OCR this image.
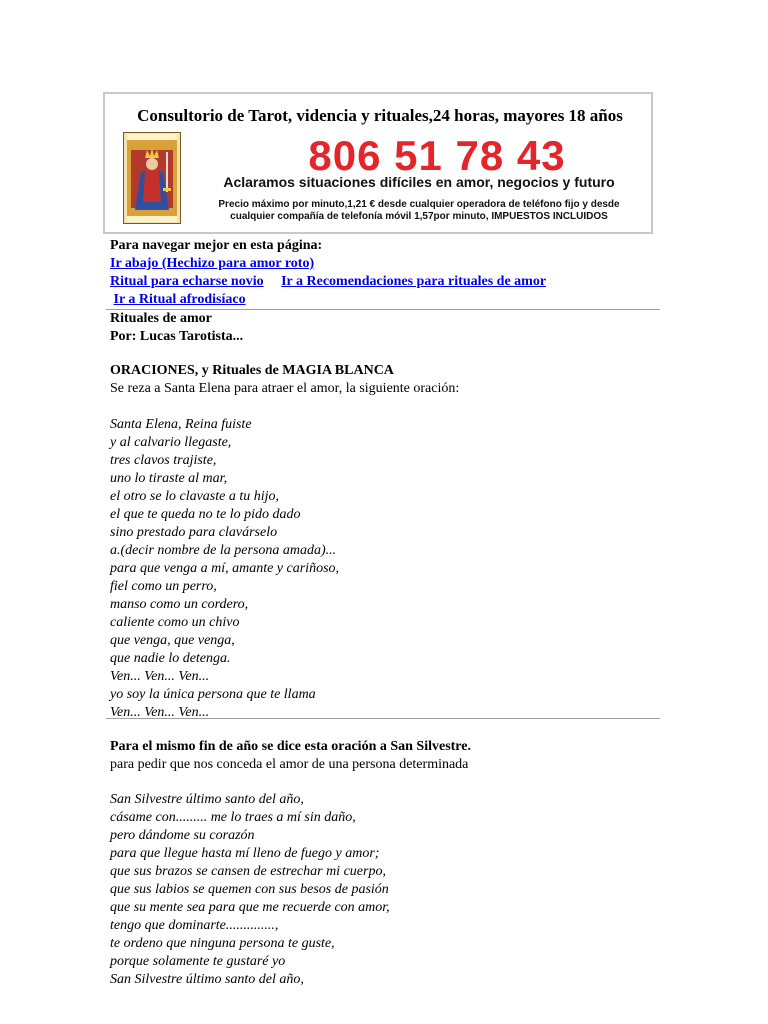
Consultorio de Tarot, videncia y rituales,24 horas, mayores 18 años
806 51 78 43
Aclaramos situaciones difíciles en amor, negocios y futuro
Precio máximo por minuto,1,21 € desde cualquier operadora de teléfono fijo y desde
cualquier compañía de telefonía móvil 1,57por minuto, IMPUESTOS INCLUIDOS
Para navegar mejor en esta página:
Ir abajo (Hechizo para amor roto)
Ritual para echarse novio Ir a Recomendaciones para rituales de amor
Ir a Ritual afrodisíaco
Rituales de amor
Por: Lucas Tarotista...
ORACIONES, y Rituales de MAGIA BLANCA
Se reza a Santa Elena para atraer el amor, la siguiente oración:
Santa Elena, Reina fuiste
y al calvario llegaste,
tres clavos trajiste,
uno lo tiraste al mar,
el otro se lo clavaste a tu hijo,
el que te queda no te lo pido dado
sino prestado para clavárselo
a.(decir nombre de la persona amada)...
para que venga a mí, amante y cariñoso,
fiel como un perro,
manso como un cordero,
caliente como un chivo
que venga, que venga,
que nadie lo detenga.
Ven... Ven... Ven...
yo soy la única persona que te llama
Ven... Ven... Ven...
Para el mismo fin de año se dice esta oración a San Silvestre.
para pedir que nos conceda el amor de una persona determinada
San Silvestre último santo del año,
cásame con......... me lo traes a mí sin daño,
pero dándome su corazón
para que llegue hasta mí lleno de fuego y amor;
que sus brazos se cansen de estrechar mi cuerpo,
que sus labios se quemen con sus besos de pasión
que su mente sea para que me recuerde con amor,
tengo que dominarte..............,
te ordeno que ninguna persona te guste,
porque solamente te gustaré yo
San Silvestre último santo del año,
